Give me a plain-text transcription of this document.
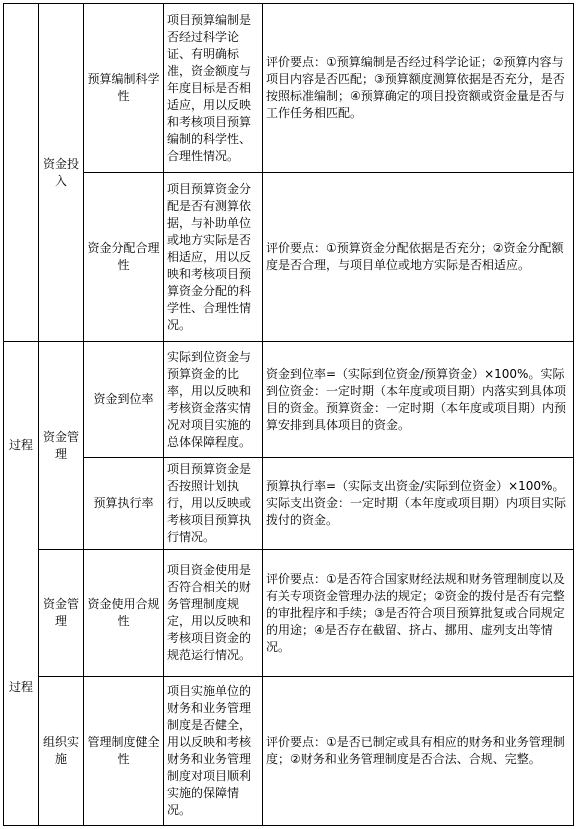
资金投入
预算编制科学性
项目预算编制是否经过科学论证、有明确标准，资金额度与年度目标是否相适应，用以反映和考核项目预算编制的科学性、合理性情况。
评价要点：①预算编制是否经过科学论证；②预算内容与项目内容是否匹配；③预算额度测算依据是否充分，是否按照标准编制；④预算确定的项目投资额或资金量是否与工作任务相匹配。
资金分配合理性
项目预算资金分配是否有测算依据，与补助单位或地方实际是否相适应，用以反映和考核项目预算资金分配的科学性、合理性情况。
评价要点：①预算资金分配依据是否充分；②资金分配额度是否合理，与项目单位或地方实际是否相适应。
过程
资金管理
资金到位率
实际到位资金与预算资金的比率，用以反映和考核资金落实情况对项目实施的总体保障程度。
资金到位率=（实际到位资金/预算资金）×100%。实际到位资金：一定时期（本年度或项目期）内落实到具体项目的资金。预算资金：一定时期（本年度或项目期）内预算安排到具体项目的资金。
预算执行率
项目预算资金是否按照计划执行，用以反映或考核项目预算执行情况。
预算执行率=（实际支出资金/实际到位资金）×100%。实际支出资金：一定时期（本年度或项目期）内项目实际拨付的资金。
过程
资金管理
资金使用合规性
项目资金使用是否符合相关的财务管理制度规定，用以反映和考核项目资金的规范运行情况。
评价要点：①是否符合国家财经法规和财务管理制度以及有关专项资金管理办法的规定；②资金的拨付是否有完整的审批程序和手续；③是否符合项目预算批复或合同规定的用途；④是否存在截留、挤占、挪用、虚列支出等情况。
组织实施
管理制度健全性
项目实施单位的财务和业务管理制度是否健全，用以反映和考核财务和业务管理制度对项目顺利实施的保障情况。
评价要点：①是否已制定或具有相应的财务和业务管理制度；②财务和业务管理制度是否合法、合规、完整。
